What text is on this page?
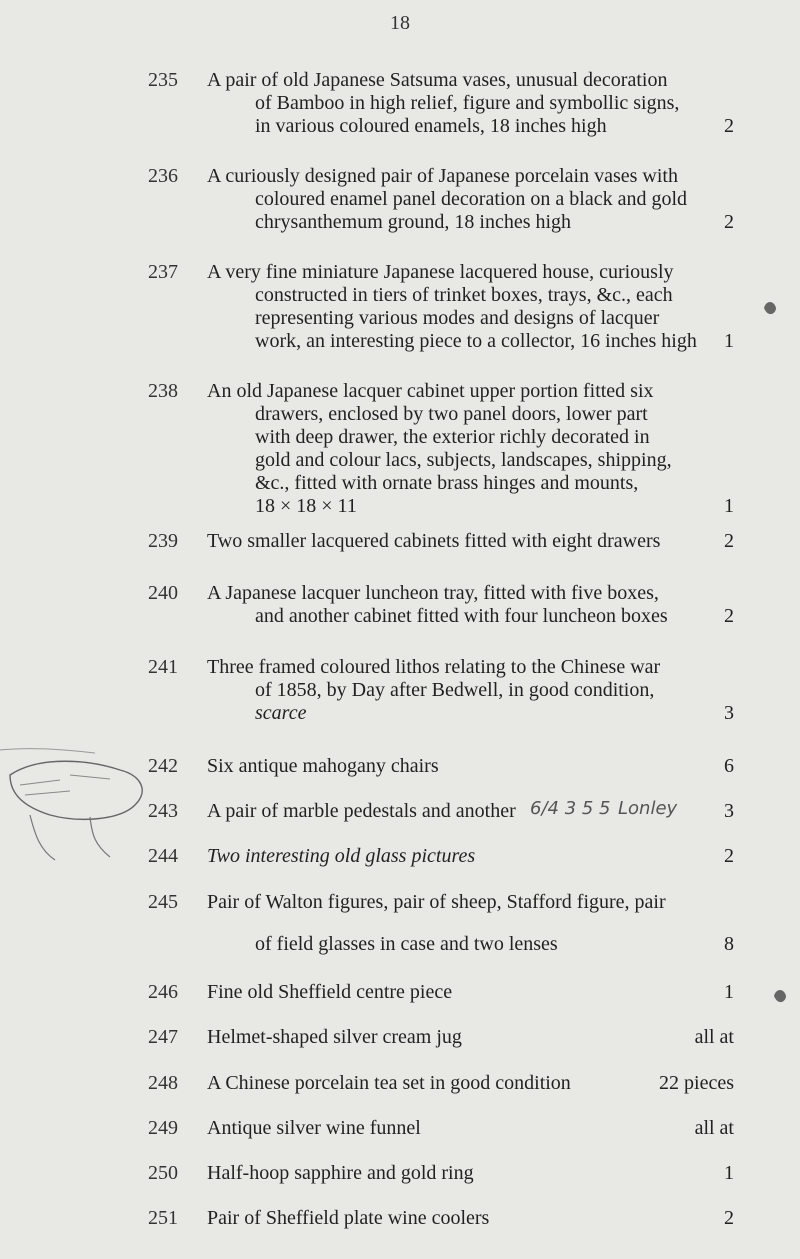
18
235	A pair of old Japanese Satsuma vases, unusual decoration
of Bamboo in high relief, figure and symbollic signs,
in various coloured enamels, 18 inches high	2
236	A curiously designed pair of Japanese porcelain vases with
coloured enamel panel decoration on a black and gold
chrysanthemum ground, 18 inches high	2
237	A very fine miniature Japanese lacquered house, curiously
constructed in tiers of trinket boxes, trays, &c., each
representing various modes and designs of lacquer
work, an interesting piece to a collector, 16 inches high	1
238	An old Japanese lacquer cabinet upper portion fitted six
drawers, enclosed by two panel doors, lower part
with deep drawer, the exterior richly decorated in
gold and colour lacs, subjects, landscapes, shipping,
&c., fitted with ornate brass hinges and mounts,
18 × 18 × 11	1
239	Two smaller lacquered cabinets fitted with eight drawers	2
240	A Japanese lacquer luncheon tray, fitted with five boxes,
and another cabinet fitted with four luncheon boxes	2
241	Three framed coloured lithos relating to the Chinese war
of 1858, by Day after Bedwell, in good condition,
scarce	3
242	Six antique mahogany chairs	6
243	A pair of marble pedestals and another	3
6/4 3 5 5 Lonley
244	Two interesting old glass pictures	2
245	Pair of Walton figures, pair of sheep, Stafford figure, pair
of field glasses in case and two lenses	8
246	Fine old Sheffield centre piece	1
247	Helmet-shaped silver cream jug	all at
248	A Chinese porcelain tea set in good condition	22 pieces
249	Antique silver wine funnel	all at
250	Half-hoop sapphire and gold ring	1
251	Pair of Sheffield plate wine coolers	2
